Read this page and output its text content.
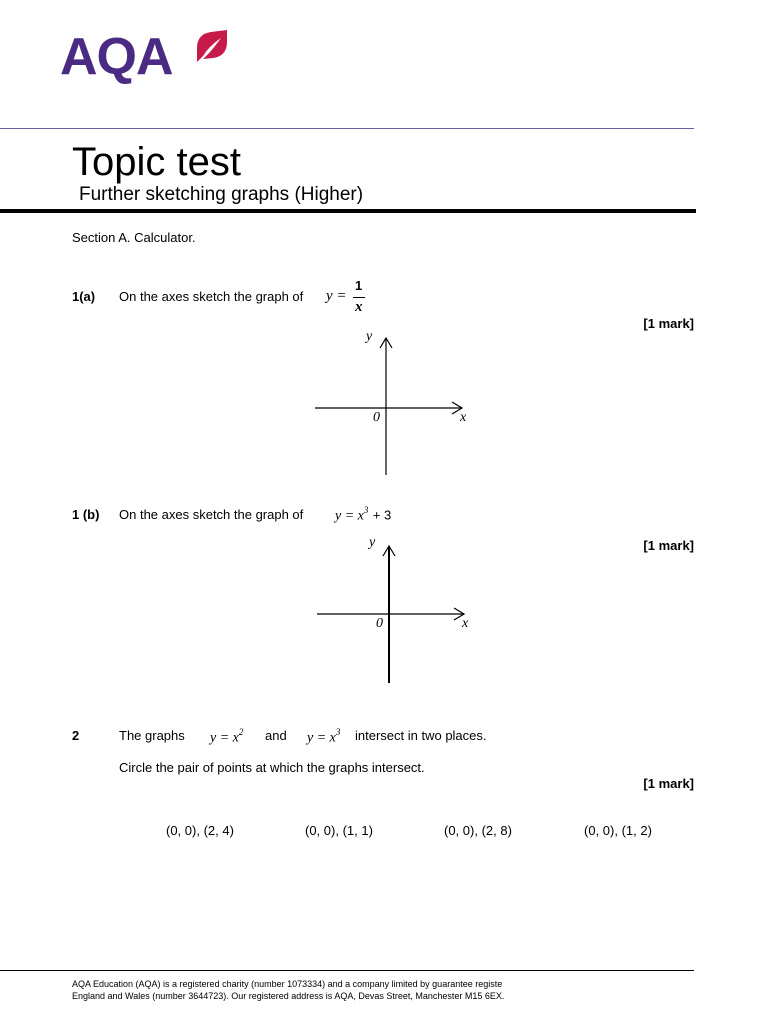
AQA
Topic test
Further sketching graphs (Higher)
Section A. Calculator.
1(a) On the axes sketch the graph of y =
1
x
[1 mark]
y
x
0
1 (b) On the axes sketch the graph of $y = x^3 + 3$
[1 mark]
y
x
0
2	The graphs $y = x^2$ and $y = x^3$ intersect in two places.
Circle the pair of points at which the graphs intersect.
[1 mark]
(0, 0), (2, 4)	(0, 0), (1, 1)	(0, 0), (2, 8)	(0, 0), (1, 2)
AQA Education (AQA) is a registered charity (number 1073334) and a company limited by guarantee registe
England and Wales (number 3644723). Our registered address is AQA, Devas Street, Manchester M15 6EX.
